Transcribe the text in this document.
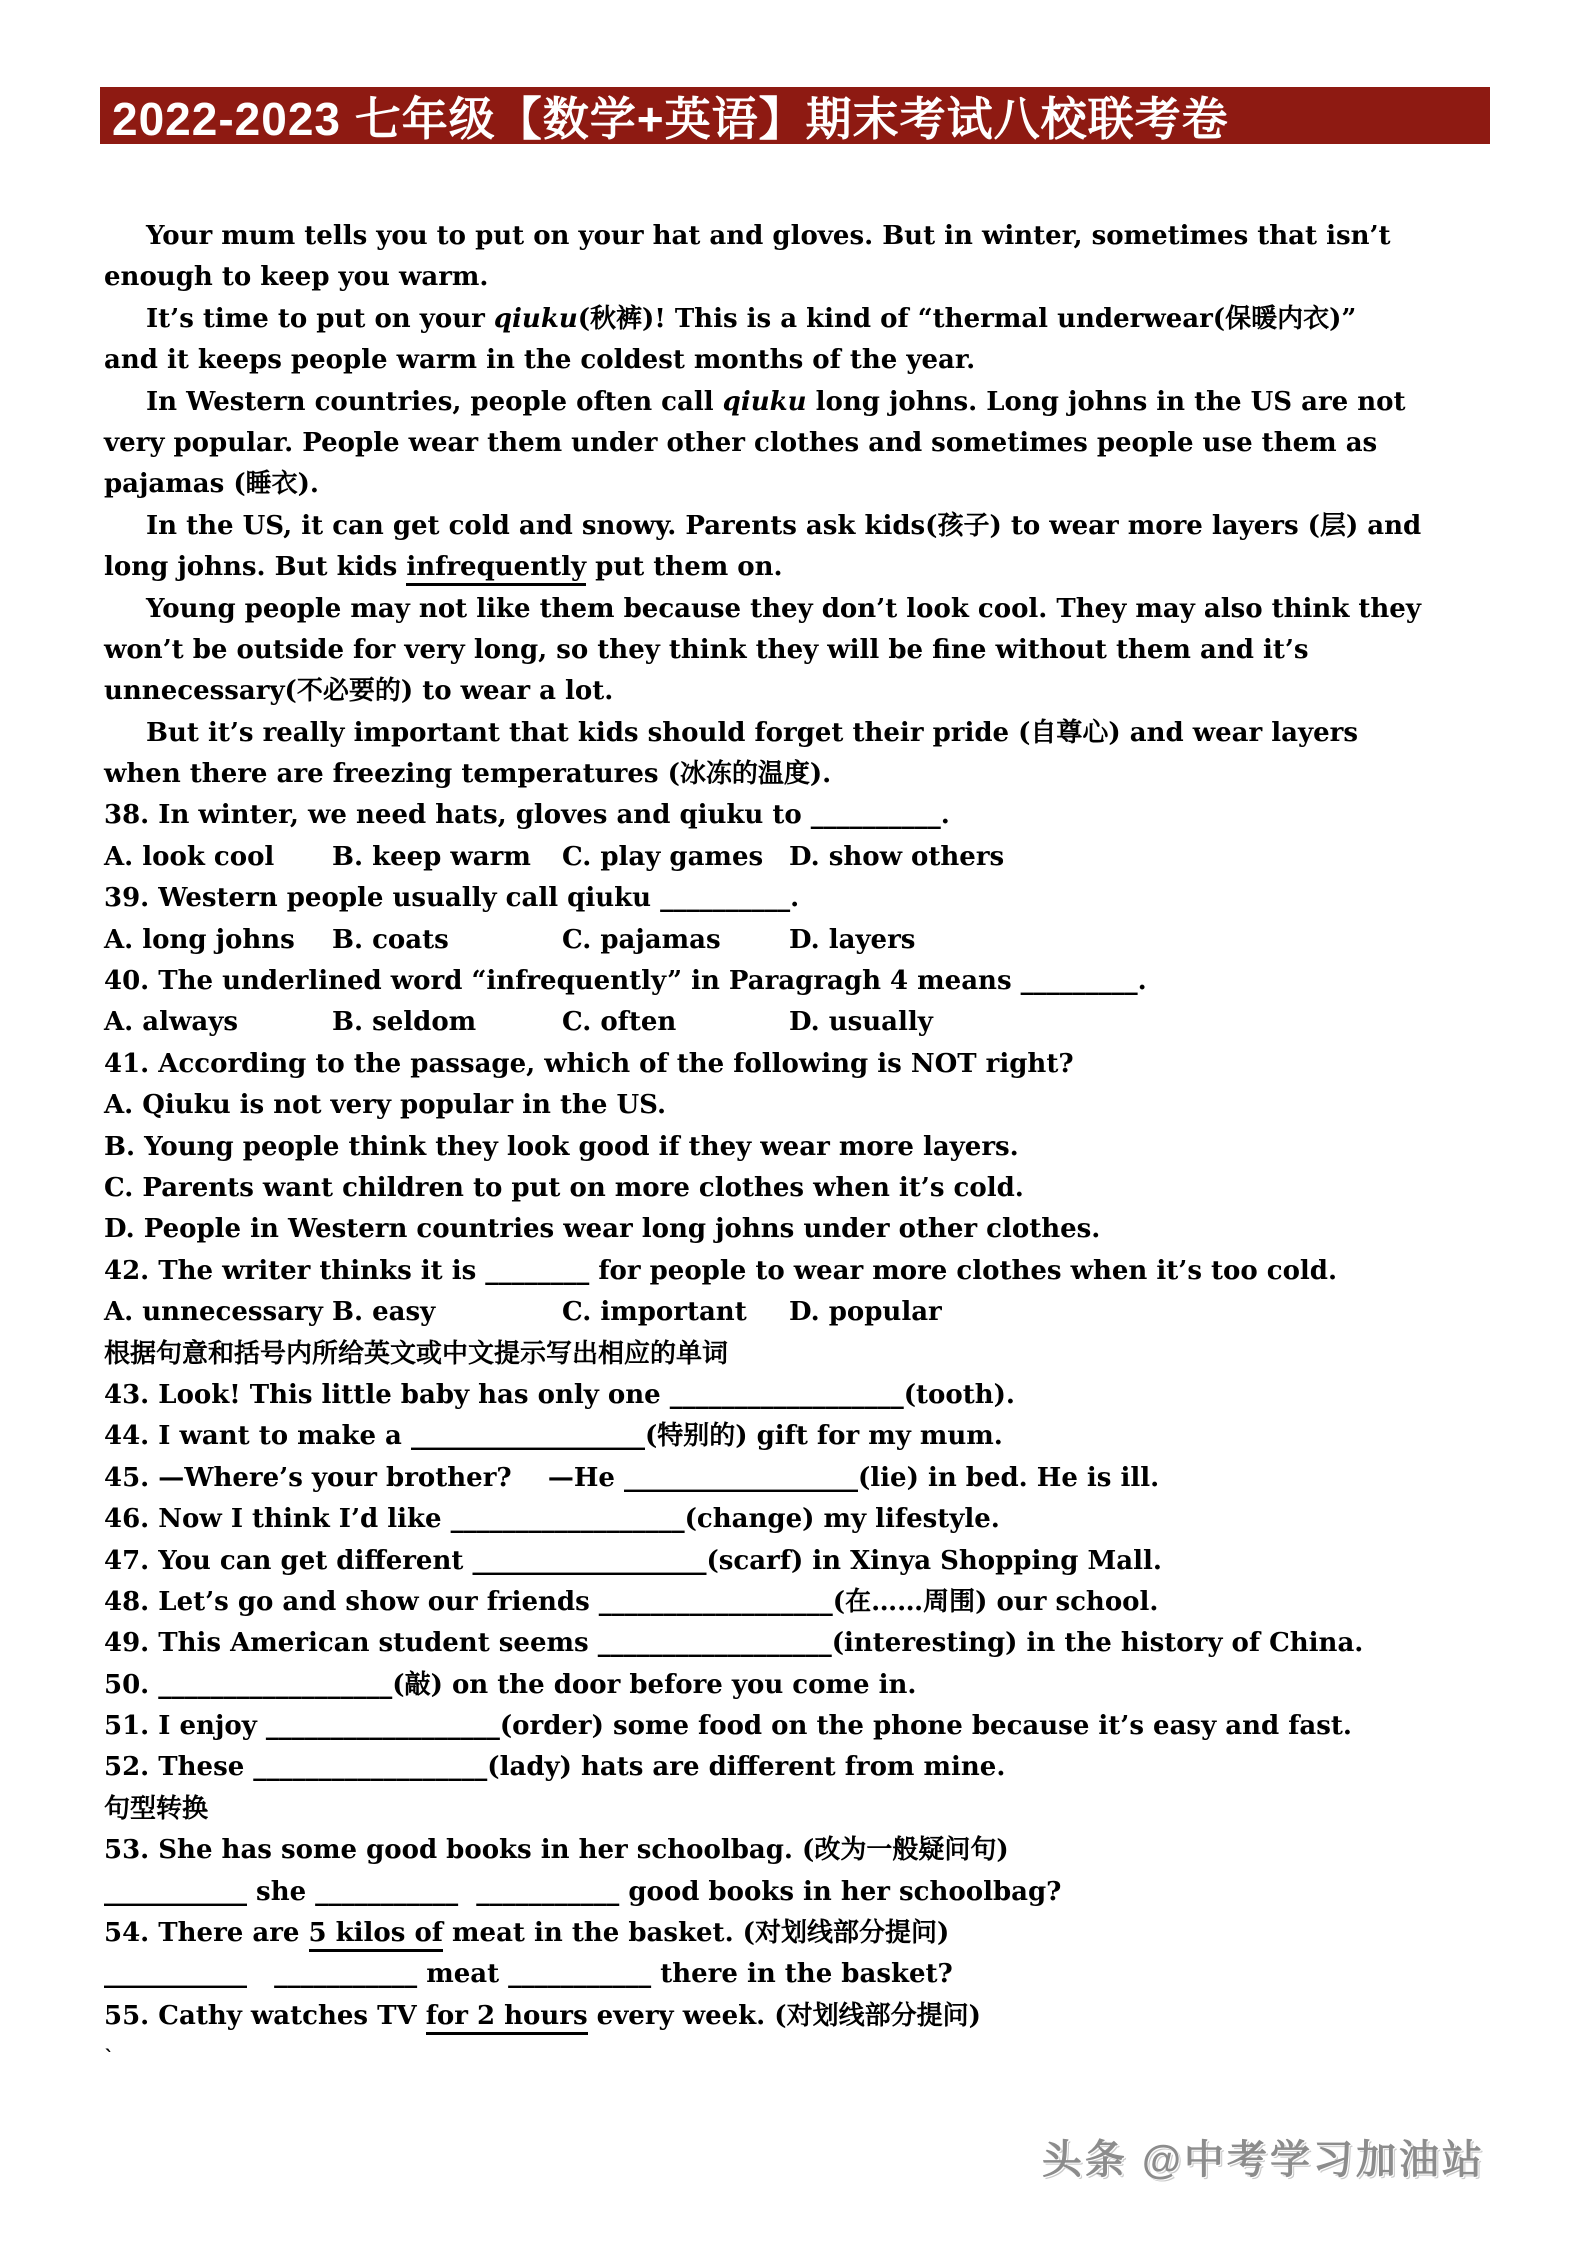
2022-2023 七年级【数学+英语】期末考试八校联考卷
Your mum tells you to put on your hat and gloves. But in winter, sometimes that isn’t
enough to keep you warm.
It’s time to put on your qiuku(秋裤)! This is a kind of “thermal underwear(保暖内衣)”
and it keeps people warm in the coldest months of the year.
In Western countries, people often call qiuku long johns. Long johns in the US are not
very popular. People wear them under other clothes and sometimes people use them as
pajamas (睡衣).
In the US, it can get cold and snowy. Parents ask kids(孩子) to wear more layers (层) and
long johns. But kids infrequently put them on.
Young people may not like them because they don’t look cool. They may also think they
won’t be outside for very long, so they think they will be fine without them and it’s
unnecessary(不必要的) to wear a lot.
But it’s really important that kids should forget their pride (自尊心) and wear layers
when there are freezing temperatures (冰冻的温度).
38. In winter, we need hats, gloves and qiuku to __________.
A. look cool	B. keep warm	C. play games D. show others
39. Western people usually call qiuku __________.
A. long johns	B. coats	C. pajamas	D. layers
40. The underlined word “infrequently” in Paragragh 4 means _________.
A. always	B. seldom	C. often	D. usually
41. According to the passage, which of the following is NOT right?
A. Qiuku is not very popular in the US.
B. Young people think they look good if they wear more layers.
C. Parents want children to put on more clothes when it’s cold.
D. People in Western countries wear long johns under other clothes.
42. The writer thinks it is ________ for people to wear more clothes when it’s too cold.
A. unnecessary B. easy	C. important	D. popular
根据句意和括号内所给英文或中文提示写出相应的单词
43. Look! This little baby has only one __________________(tooth).
44. I want to make a __________________(特别的) gift for my mum.
45. —Where’s your brother?    —He __________________(lie) in bed. He is ill.
46. Now I think I’d like __________________(change) my lifestyle.
47. You can get different __________________(scarf) in Xinya Shopping Mall.
48. Let’s go and show our friends __________________(在……周围) our school.
49. This American student seems __________________(interesting) in the history of China.
50. __________________(敲) on the door before you come in.
51. I enjoy __________________(order) some food on the phone because it’s easy and fast.
52. These __________________(lady) hats are different from mine.
句型转换
53. She has some good books in her schoolbag. (改为一般疑问句)
___________ she ___________  ___________ good books in her schoolbag?
54. There are 5 kilos of meat in the basket. (对划线部分提问)
___________   ___________ meat ___________ there in the basket?
55. Cathy watches TV for 2 hours every week. (对划线部分提问)
`
头条 @中考学习加油站
